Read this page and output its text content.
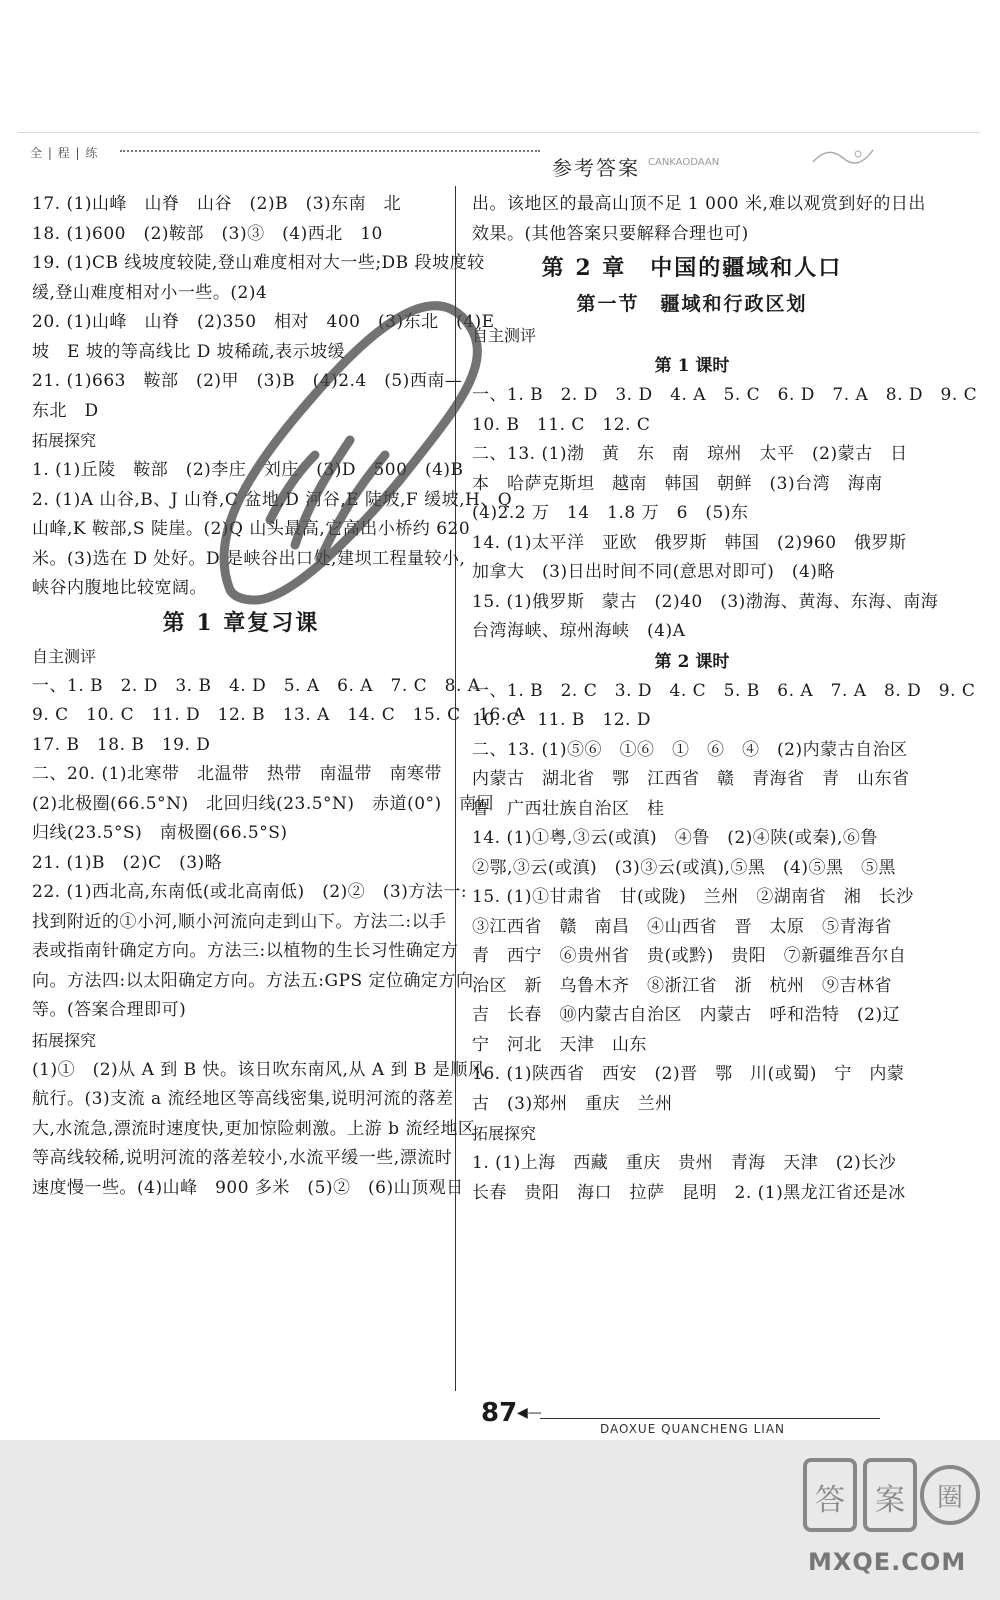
全 | 程 | 练
参考答案 CANKAODAAN
17. (1)山峰　山脊　山谷　(2)B　(3)东南　北
18. (1)600　(2)鞍部　(3)③　(4)西北　10
19. (1)CB 线坡度较陡,登山难度相对大一些;DB 段坡度较
缓,登山难度相对小一些。(2)4
20. (1)山峰　山脊　(2)350　相对　400　(3)东北　(4)E
坡　E 坡的等高线比 D 坡稀疏,表示坡缓
21. (1)663　鞍部　(2)甲　(3)B　(4)2.4　(5)西南—
东北　D
拓展探究
1. (1)丘陵　鞍部　(2)李庄　刘庄　(3)D　500　(4)B
2. (1)A 山谷,B、J 山脊,C 盆地,D 河谷,E 陡坡,F 缓坡,H、Q
山峰,K 鞍部,S 陡崖。(2)Q 山头最高,它高出小桥约 620
米。(3)选在 D 处好。D 是峡谷出口处,建坝工程量较小,
峡谷内腹地比较宽阔。
第 1 章复习课
自主测评
一、1. B　2. D　3. B　4. D　5. A　6. A　7. C　8. A
9. C　10. C　11. D　12. B　13. A　14. C　15. C　16. A
17. B　18. B　19. D
二、20. (1)北寒带　北温带　热带　南温带　南寒带
(2)北极圈(66.5°N)　北回归线(23.5°N)　赤道(0°)　南回
归线(23.5°S)　南极圈(66.5°S)
21. (1)B　(2)C　(3)略
22. (1)西北高,东南低(或北高南低)　(2)②　(3)方法一:
找到附近的①小河,顺小河流向走到山下。方法二:以手
表或指南针确定方向。方法三:以植物的生长习性确定方
向。方法四:以太阳确定方向。方法五:GPS 定位确定方向
等。(答案合理即可)
拓展探究
(1)①　(2)从 A 到 B 快。该日吹东南风,从 A 到 B 是顺风
航行。(3)支流 a 流经地区等高线密集,说明河流的落差
大,水流急,漂流时速度快,更加惊险刺激。上游 b 流经地区
等高线较稀,说明河流的落差较小,水流平缓一些,漂流时
速度慢一些。(4)山峰　900 多米　(5)②　(6)山顶观日
出。该地区的最高山顶不足 1 000 米,难以观赏到好的日出
效果。(其他答案只要解释合理也可)
第 2 章　中国的疆域和人口
第一节　疆域和行政区划
自主测评
第 1 课时
一、1. B　2. D　3. D　4. A　5. C　6. D　7. A　8. D　9. C
10. B　11. C　12. C
二、13. (1)渤　黄　东　南　琼州　太平　(2)蒙古　日
本　哈萨克斯坦　越南　韩国　朝鲜　(3)台湾　海南
(4)2.2 万　14　1.8 万　6　(5)东
14. (1)太平洋　亚欧　俄罗斯　韩国　(2)960　俄罗斯
加拿大　(3)日出时间不同(意思对即可)　(4)略
15. (1)俄罗斯　蒙古　(2)40　(3)渤海、黄海、东海、南海
台湾海峡、琼州海峡　(4)A
第 2 课时
一、1. B　2. C　3. D　4. C　5. B　6. A　7. A　8. D　9. C
10. C　11. B　12. D
二、13. (1)⑤⑥　①⑥　①　⑥　④　(2)内蒙古自治区
内蒙古　湖北省　鄂　江西省　赣　青海省　青　山东省
鲁　广西壮族自治区　桂
14. (1)①粤,③云(或滇)　④鲁　(2)④陕(或秦),⑥鲁
②鄂,③云(或滇)　(3)③云(或滇),⑤黑　(4)⑤黑　⑤黑
15. (1)①甘肃省　甘(或陇)　兰州　②湖南省　湘　长沙
③江西省　赣　南昌　④山西省　晋　太原　⑤青海省
青　西宁　⑥贵州省　贵(或黔)　贵阳　⑦新疆维吾尔自
治区　新　乌鲁木齐　⑧浙江省　浙　杭州　⑨吉林省
吉　长春　⑩内蒙古自治区　内蒙古　呼和浩特　(2)辽
宁　河北　天津　山东
16. (1)陕西省　西安　(2)晋　鄂　川(或蜀)　宁　内蒙
古　(3)郑州　重庆　兰州
拓展探究
1. (1)上海　西藏　重庆　贵州　青海　天津　(2)长沙
长春　贵阳　海口　拉萨　昆明　2. (1)黑龙江省还是冰
87 ◀—
DAOXUE QUANCHENG LIAN
答 案 圈
MXQE.COM
